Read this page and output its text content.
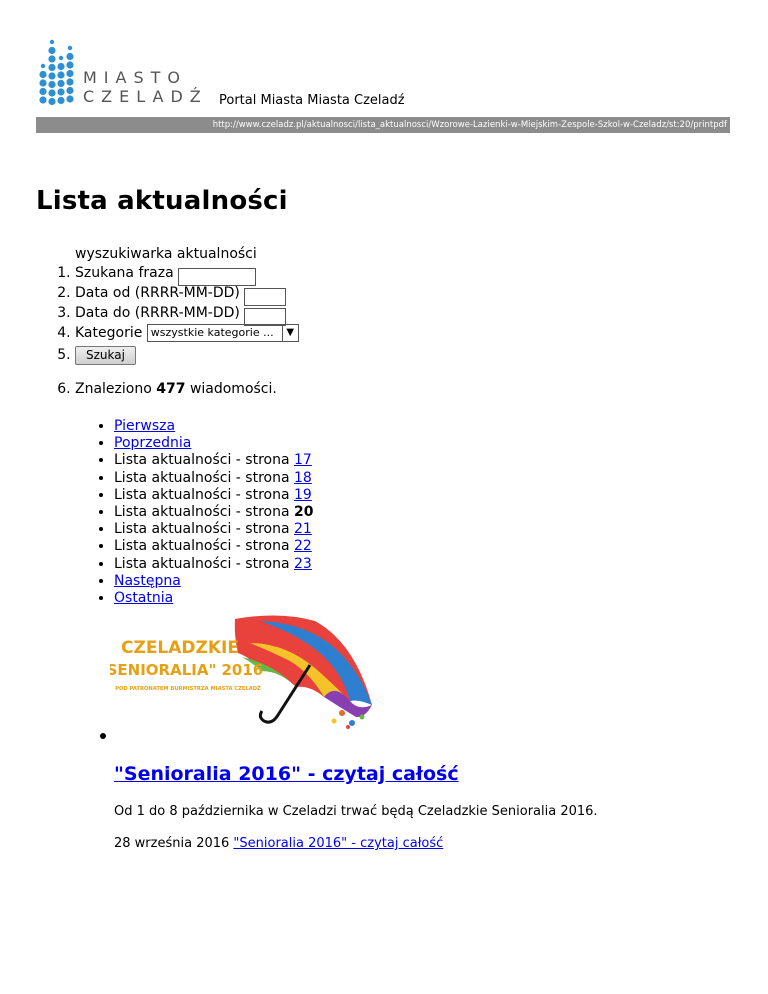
MIASTO
CZELADŹ Portal Miasta Miasta Czeladź
http://www.czeladz.pl/aktualnosci/lista_aktualnosci/Wzorowe-Lazienki-w-Miejskim-Zespole-Szkol-w-Czeladz/st:20/printpdf
Lista aktualności
wyszukiwarka aktualności
1. Szukana fraza
2. Data od (RRRR-MM-DD)
3. Data do (RRRR-MM-DD)
4. Kategorie wszystkie kategorie ...	▼
5. Szukaj
6. Znaleziono 477 wiadomości.
• Pierwsza
• Poprzednia
• Lista aktualności - strona 17
• Lista aktualności - strona 18
• Lista aktualności - strona 19
• Lista aktualności - strona 20
• Lista aktualności - strona 21
• Lista aktualności - strona 22
• Lista aktualności - strona 23
• Następna
• Ostatnia
CZELADZKIE
„SENIORALIA" 2016
POD PATRONATEM BURMISTRZA MIASTA CZELADŹ
"Senioralia 2016" - czytaj całość
Od 1 do 8 października w Czeladzi trwać będą Czeladzkie Senioralia 2016.
28 września 2016 "Senioralia 2016" - czytaj całość
